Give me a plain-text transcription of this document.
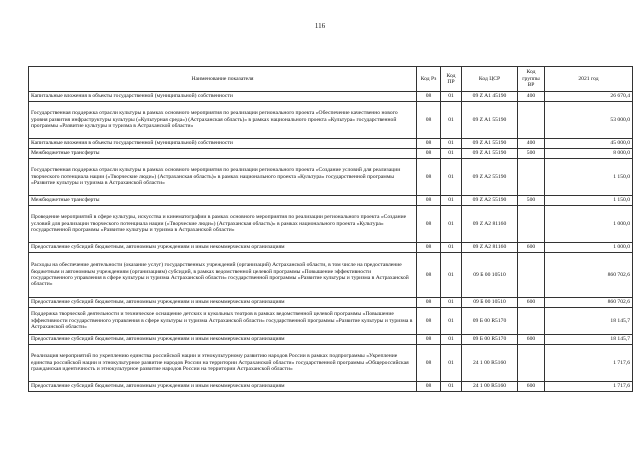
116
Наименование показателя	Код Рз	Код ПР	Код ЦСР	Код группы ВР	2021 год
Капитальные вложения в объекты государственной (муниципальной) собственности	08	01	09 Z A1 45190	400	26 670,4
Государственная поддержка отрасли культуры в рамках основного мероприятия по реализации регионального проекта «Обеспечение качественно нового уровня развития инфраструктуры культуры («Культурная среда») (Астраханская область)» в рамках национального проекта «Культура» государственной программы «Развитие культуры и туризма в Астраханской области»	08	01	09 Z A1 55190		53 000,0
Капитальные вложения в объекты государственной (муниципальной) собственности	08	01	09 Z A1 55190	400	45 000,0
Межбюджетные трансферты	08	01	09 Z A1 55190	500	8 000,0
Государственная поддержка отрасли культуры в рамках основного мероприятия по реализации регионального проекта «Создание условий для реализации творческого потенциала нации («Творческие люди») (Астраханская область)» в рамках национального проекта «Культура» государственной программы «Развитие культуры и туризма в Астраханской области»	08	01	09 Z A2 55190		1 150,0
Межбюджетные трансферты	08	01	09 Z A2 55190	500	1 150,0
Проведение мероприятий в сфере культуры, искусства и кинематографии в рамках основного мероприятия по реализации регионального проекта «Создание условий для реализации творческого потенциала нации («Творческие люди») (Астраханская область)» в рамках национального проекта «Культура» государственной программы «Развитие культуры и туризма в Астраханской области»	08	01	09 Z A2 81160		1 000,0
Предоставление субсидий бюджетным, автономным учреждениям и иным некоммерческим организациям	08	01	09 Z A2 81160	600	1 000,0
Расходы на обеспечение деятельности (оказание услуг) государственных учреждений (организаций) Астраханской области, в том числе на предоставление бюджетным и автономным учреждениям (организациям) субсидий, в рамках ведомственной целевой программы «Повышение эффективности государственного управления в сфере культуры и туризма Астраханской области» государственной программы «Развитие культуры и туризма в Астраханской области»	08	01	09 Б 00 10510		860 702,6
Предоставление субсидий бюджетным, автономным учреждениям и иным некоммерческим организациям	08	01	09 Б 00 10510	600	860 702,6
Поддержка творческой деятельности и техническое оснащение детских и кукольных театров в рамках ведомственной целевой программы «Повышение эффективности государственного управления в сфере культуры и туризма Астраханской области» государственной программы «Развитие культуры и туризма в Астраханской области»	08	01	09 Б 00 R5170		18 145,7
Предоставление субсидий бюджетным, автономным учреждениям и иным некоммерческим организациям	08	01	09 Б 00 R5170	600	18 145,7
Реализация мероприятий по укреплению единства российской нации и этнокультурному развитию народов России в рамках подпрограммы «Укрепление единства российской нации и этнокультурное развитие народов России на территории Астраханской области» государственной программы «Общероссийская гражданская идентичность и этнокультурное развитие народов России на территории Астраханской области»	08	01	24 1 00 R5160		1 717,6
Предоставление субсидий бюджетным, автономным учреждениям и иным некоммерческим организациям	08	01	24 1 00 R5160	600	1 717,6
